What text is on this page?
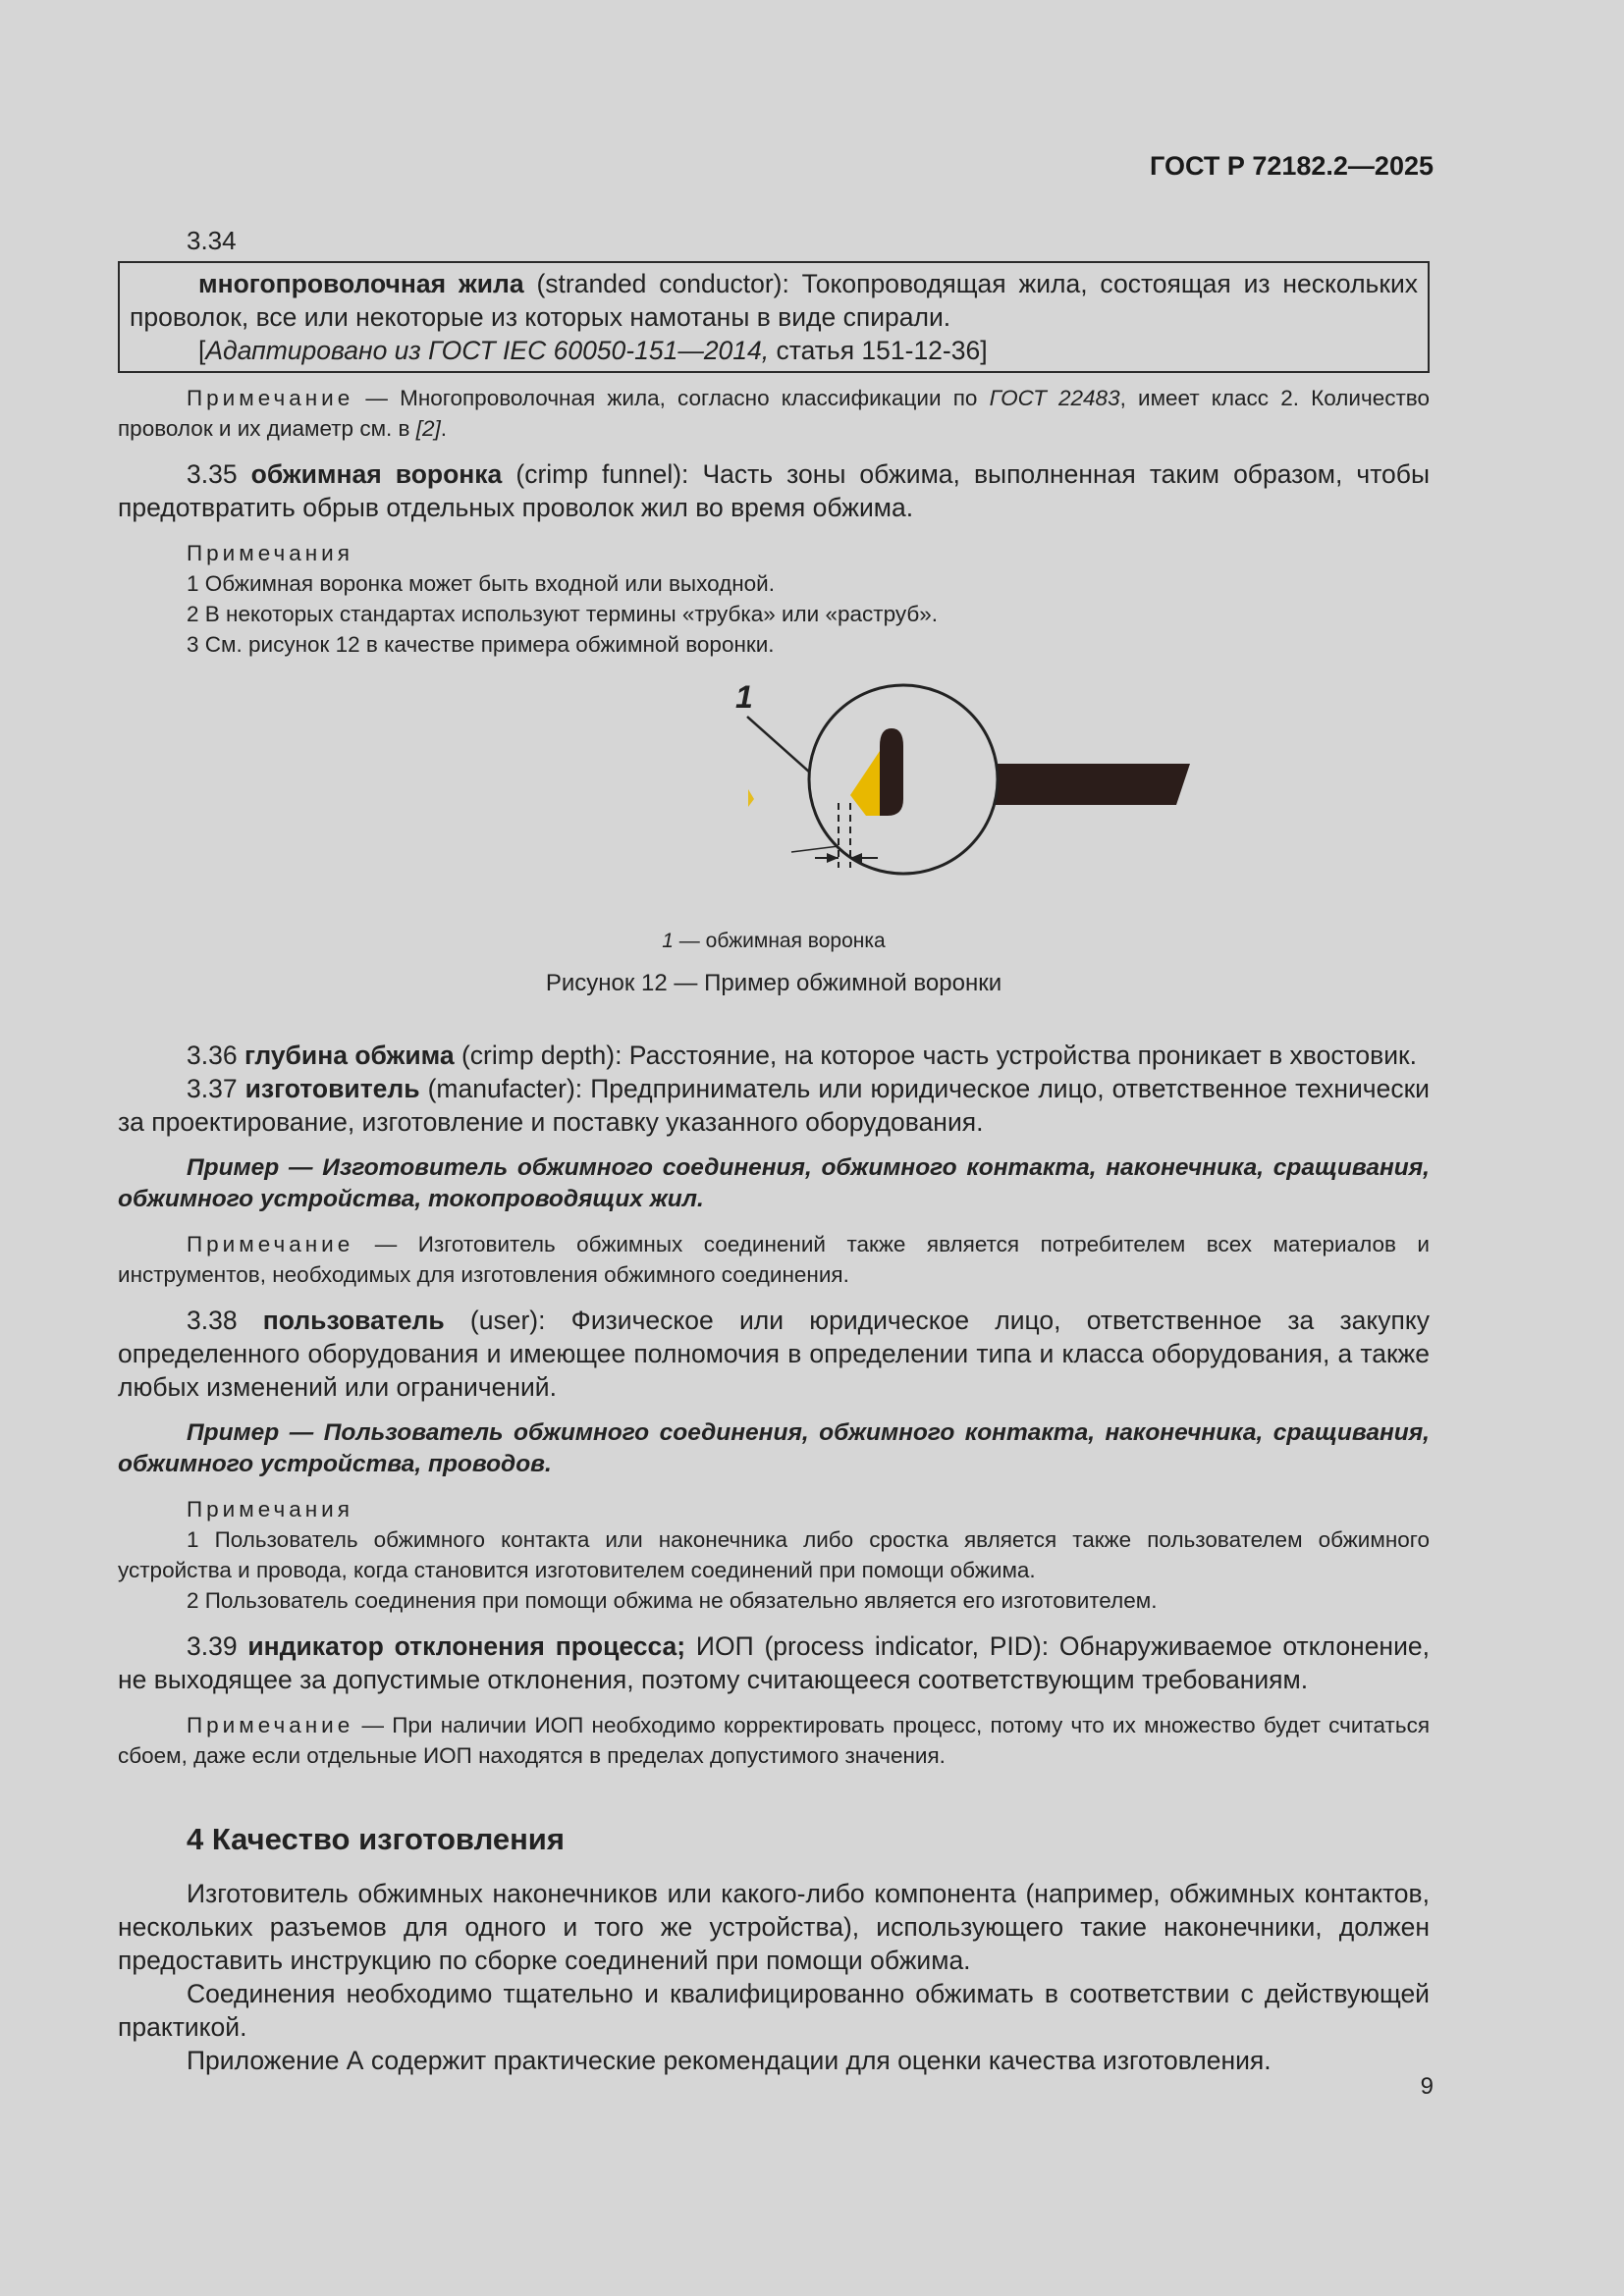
ГОСТ Р 72182.2—2025

3.34

многопроволочная жила (stranded conductor): Токопроводящая жила, состоящая из нескольких проволок, все или некоторые из которых намотаны в виде спирали.

[Адаптировано из ГОСТ IEC 60050-151—2014, статья 151-12-36]

Примечание — Многопроволочная жила, согласно классификации по ГОСТ 22483, имеет класс 2. Количество проволок и их диаметр см. в [2].

3.35 обжимная воронка (crimp funnel): Часть зоны обжима, выполненная таким образом, чтобы предотвратить обрыв отдельных проволок жил во время обжима.

Примечания

1 Обжимная воронка может быть входной или выходной.

2 В некоторых стандартах используют термины «трубка» или «раструб».

3 См. рисунок 12 в качестве примера обжимной воронки.

1

1 — обжимная воронка

Рисунок 12 — Пример обжимной воронки

3.36 глубина обжима (crimp depth): Расстояние, на которое часть устройства проникает в хвостовик.

3.37 изготовитель (manufacter): Предприниматель или юридическое лицо, ответственное технически за проектирование, изготовление и поставку указанного оборудования.

Пример — Изготовитель обжимного соединения, обжимного контакта, наконечника, сращивания, обжимного устройства, токопроводящих жил.

Примечание — Изготовитель обжимных соединений также является потребителем всех материалов и инструментов, необходимых для изготовления обжимного соединения.

3.38 пользователь (user): Физическое или юридическое лицо, ответственное за закупку определенного оборудования и имеющее полномочия в определении типа и класса оборудования, а также любых изменений или ограничений.

Пример — Пользователь обжимного соединения, обжимного контакта, наконечника, сращивания, обжимного устройства, проводов.

Примечания

1 Пользователь обжимного контакта или наконечника либо сростка является также пользователем обжимного устройства и провода, когда становится изготовителем соединений при помощи обжима.

2 Пользователь соединения при помощи обжима не обязательно является его изготовителем.

3.39 индикатор отклонения процесса; ИОП (process indicator, PID): Обнаруживаемое отклонение, не выходящее за допустимые отклонения, поэтому считающееся соответствующим требованиям.

Примечание — При наличии ИОП необходимо корректировать процесс, потому что их множество будет считаться сбоем, даже если отдельные ИОП находятся в пределах допустимого значения.

4 Качество изготовления

Изготовитель обжимных наконечников или какого-либо компонента (например, обжимных контактов, нескольких разъемов для одного и того же устройства), использующего такие наконечники, должен предоставить инструкцию по сборке соединений при помощи обжима.

Соединения необходимо тщательно и квалифицированно обжимать в соответствии с действующей практикой.

Приложение А содержит практические рекомендации для оценки качества изготовления.

9
